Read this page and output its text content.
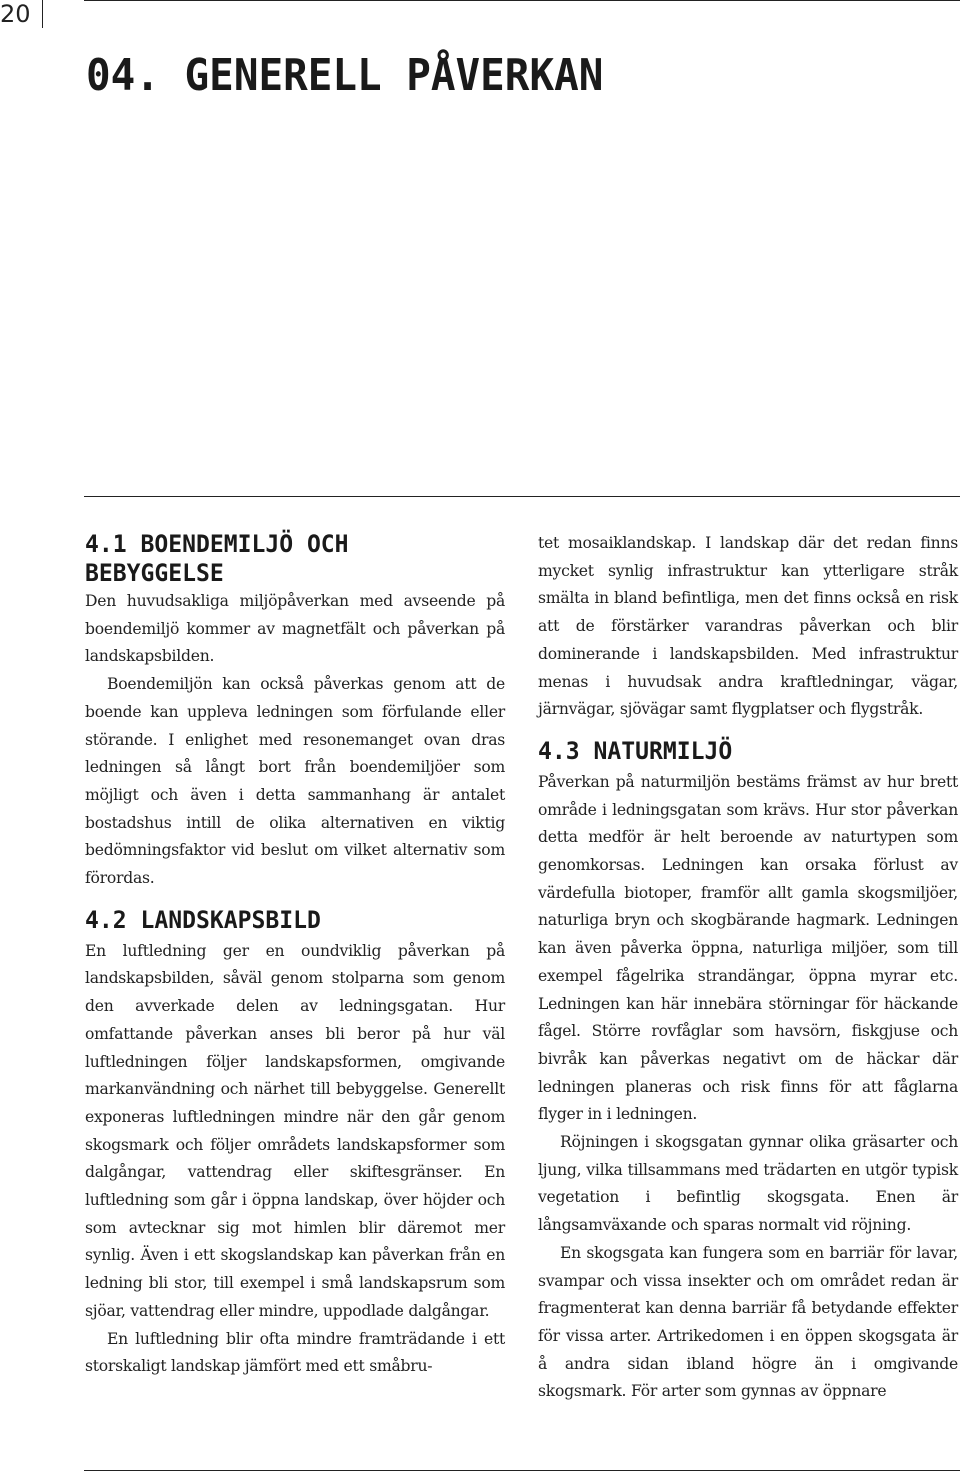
20
04. GENERELL PÅVERKAN
4.1 BOENDEMILJÖ OCH BEBYGGELSE

Den huvudsakliga miljöpåverkan med avseende på boendemiljö kommer av magnetfält och påverkan på landskapsbilden.

Boendemiljön kan också påverkas genom att de boende kan uppleva ledningen som förfulande eller störande. I enlighet med resonemanget ovan dras ledningen så långt bort från boendemiljöer som möjligt och även i detta sammanhang är antalet bostadshus intill de olika alternativen en viktig bedömningsfaktor vid beslut om vilket alternativ som förordas.

4.2 LANDSKAPSBILD

En luftledning ger en oundviklig påverkan på landskapsbilden, såväl genom stolparna som genom den avverkade delen av ledningsgatan. Hur omfattande påverkan anses bli beror på hur väl luftledningen följer landskapsformen, omgivande markanvändning och närhet till bebyggelse. Generellt exponeras luftledningen mindre när den går genom skogsmark och följer områdets landskapsformer som dalgångar, vattendrag eller skiftesgränser. En luftledning som går i öppna landskap, över höjder och som avtecknar sig mot himlen blir däremot mer synlig. Även i ett skogslandskap kan påverkan från en ledning bli stor, till exempel i små landskapsrum som sjöar, vattendrag eller mindre, uppodlade dalgångar.

En luftledning blir ofta mindre framträdande i ett storskaligt landskap jämfört med ett småbru-

tet mosaiklandskap. I landskap där det redan finns mycket synlig infrastruktur kan ytterligare stråk smälta in bland befintliga, men det finns också en risk att de förstärker varandras påverkan och blir dominerande i landskapsbilden. Med infrastruktur menas i huvudsak andra kraftledningar, vägar, järnvägar, sjövägar samt flygplatser och flygstråk.

4.3 NATURMILJÖ

Påverkan på naturmiljön bestäms främst av hur brett område i ledningsgatan som krävs. Hur stor påverkan detta medför är helt beroende av naturtypen som genomkorsas. Ledningen kan orsaka förlust av värdefulla biotoper, framför allt gamla skogsmiljöer, naturliga bryn och skogbärande hagmark. Ledningen kan även påverka öppna, naturliga miljöer, som till exempel fågelrika strandängar, öppna myrar etc. Ledningen kan här innebära störningar för häckande fågel. Större rovfåglar som havsörn, fiskgjuse och bivråk kan påverkas negativt om de häckar där ledningen planeras och risk finns för att fåglarna flyger in i ledningen.

Röjningen i skogsgatan gynnar olika gräsarter och ljung, vilka tillsammans med trädarten en utgör typisk vegetation i befintlig skogsgata. Enen är långsamväxande och sparas normalt vid röjning.

En skogsgata kan fungera som en barriär för lavar, svampar och vissa insekter och om området redan är fragmenterat kan denna barriär få betydande effekter för vissa arter. Artrikedomen i en öppen skogsgata är å andra sidan ibland högre än i omgivande skogsmark. För arter som gynnas av öppnare
